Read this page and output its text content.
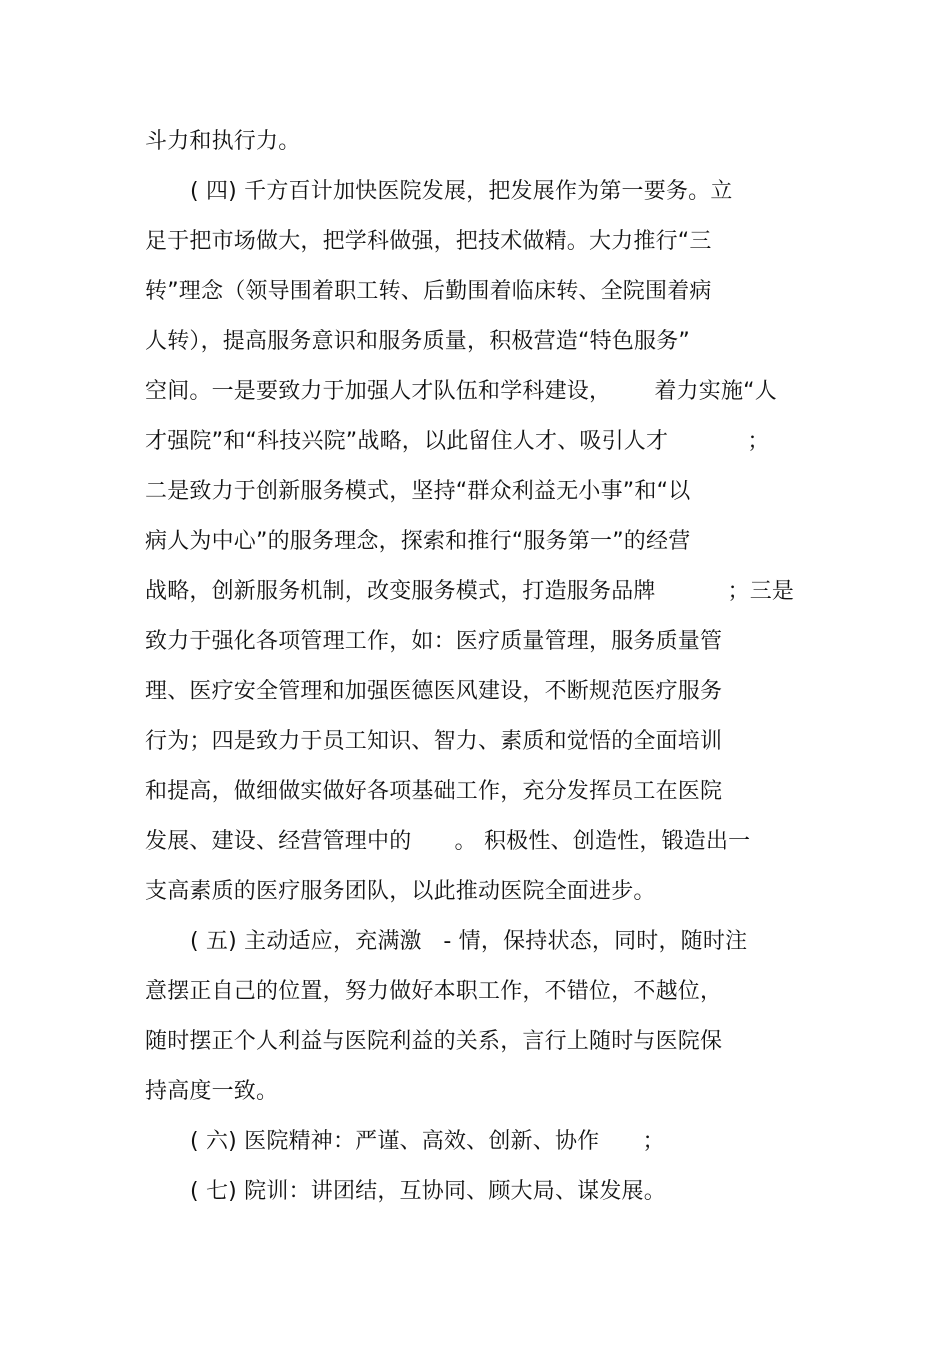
斗力和执行力。
( 四) 千方百计加快医院发展，把发展作为第一要务。立
足于把市场做大，把学科做强，把技术做精。大力推行“三
转”理念（领导围着职工转、后勤围着临床转、全院围着病
人转），提高服务意识和服务质量，积极营造“特色服务”
空间。一是要致力于加强人才队伍和学科建设，      着力实施“人
才强院”和“科技兴院”战略，以此留住人才、吸引人才           ；
二是致力于创新服务模式，坚持“群众利益无小事”和“以
病人为中心”的服务理念，探索和推行“服务第一”的经营
战略，创新服务机制，改变服务模式，打造服务品牌          ；三是
致力于强化各项管理工作，如：医疗质量管理，服务质量管
理、医疗安全管理和加强医德医风建设，不断规范医疗服务
行为；四是致力于员工知识、智力、素质和觉悟的全面培训
和提高，做细做实做好各项基础工作，充分发挥员工在医院
发展、建设、经营管理中的      。 积极性、创造性，锻造出一
支高素质的医疗服务团队，以此推动医院全面进步。
( 五) 主动适应，充满激   - 情，保持状态，同时，随时注
意摆正自己的位置，努力做好本职工作，不错位，不越位，
随时摆正个人利益与医院利益的关系，言行上随时与医院保
持高度一致。
( 六) 医院精神：严谨、高效、创新、协作      ；
( 七) 院训：讲团结，互协同、顾大局、谋发展。
